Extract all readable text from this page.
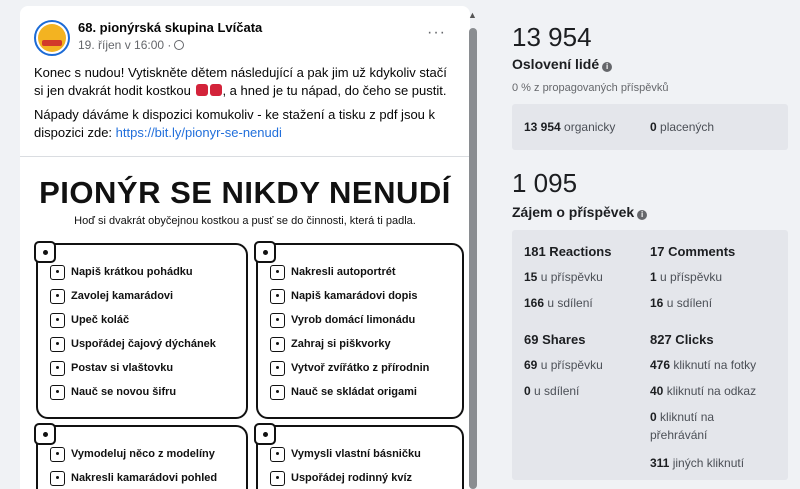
68. pionýrská skupina Lvíčata
19. říjen v 16:00 ·
···

Konec s nudou! Vytiskněte dětem následující a pak jim už kdykoliv stačí
si jen dvakrát hodit kostkou , a hned je tu nápad, do čeho se pustit.

Nápady dáváme k dispozici komukoliv - ke stažení a tisku z pdf jsou k
dispozici zde: https://bit.ly/pionyr-se-nenudi

PIONÝR SE NIKDY NENUDÍ
Hoď si dvakrát obyčejnou kostkou a pusť se do činnosti, která ti padla.
Napiš krátkou pohádku
Zavolej kamarádovi
Upeč koláč
Uspořádej čajový dýchánek
Postav si vlaštovku
Nauč se novou šifru
Nakresli autoportrét
Napiš kamarádovi dopis
Vyrob domácí limonádu
Zahraj si piškvorky
Vytvoř zvířátko z přírodnin
Nauč se skládat origami
Vymodeluj něco z modelíny
Nakresli kamarádovi pohled
Vymysli vlastní básničku
Uspořádej rodinný kvíz
▲
13 954
Oslovení lidé i
0 % z propagovaných příspěvků
13 954 organicky	0 placených
1 095
Zájem o příspěvek i
181 Reactions
15 u příspěvku
166 u sdílení
17 Comments
1 u příspěvku
16 u sdílení
69 Shares
69 u příspěvku
0 u sdílení
827 Clicks
476 kliknutí na fotky
40 kliknutí na odkaz
0 kliknutí na
přehrávání
311 jiných kliknutí
